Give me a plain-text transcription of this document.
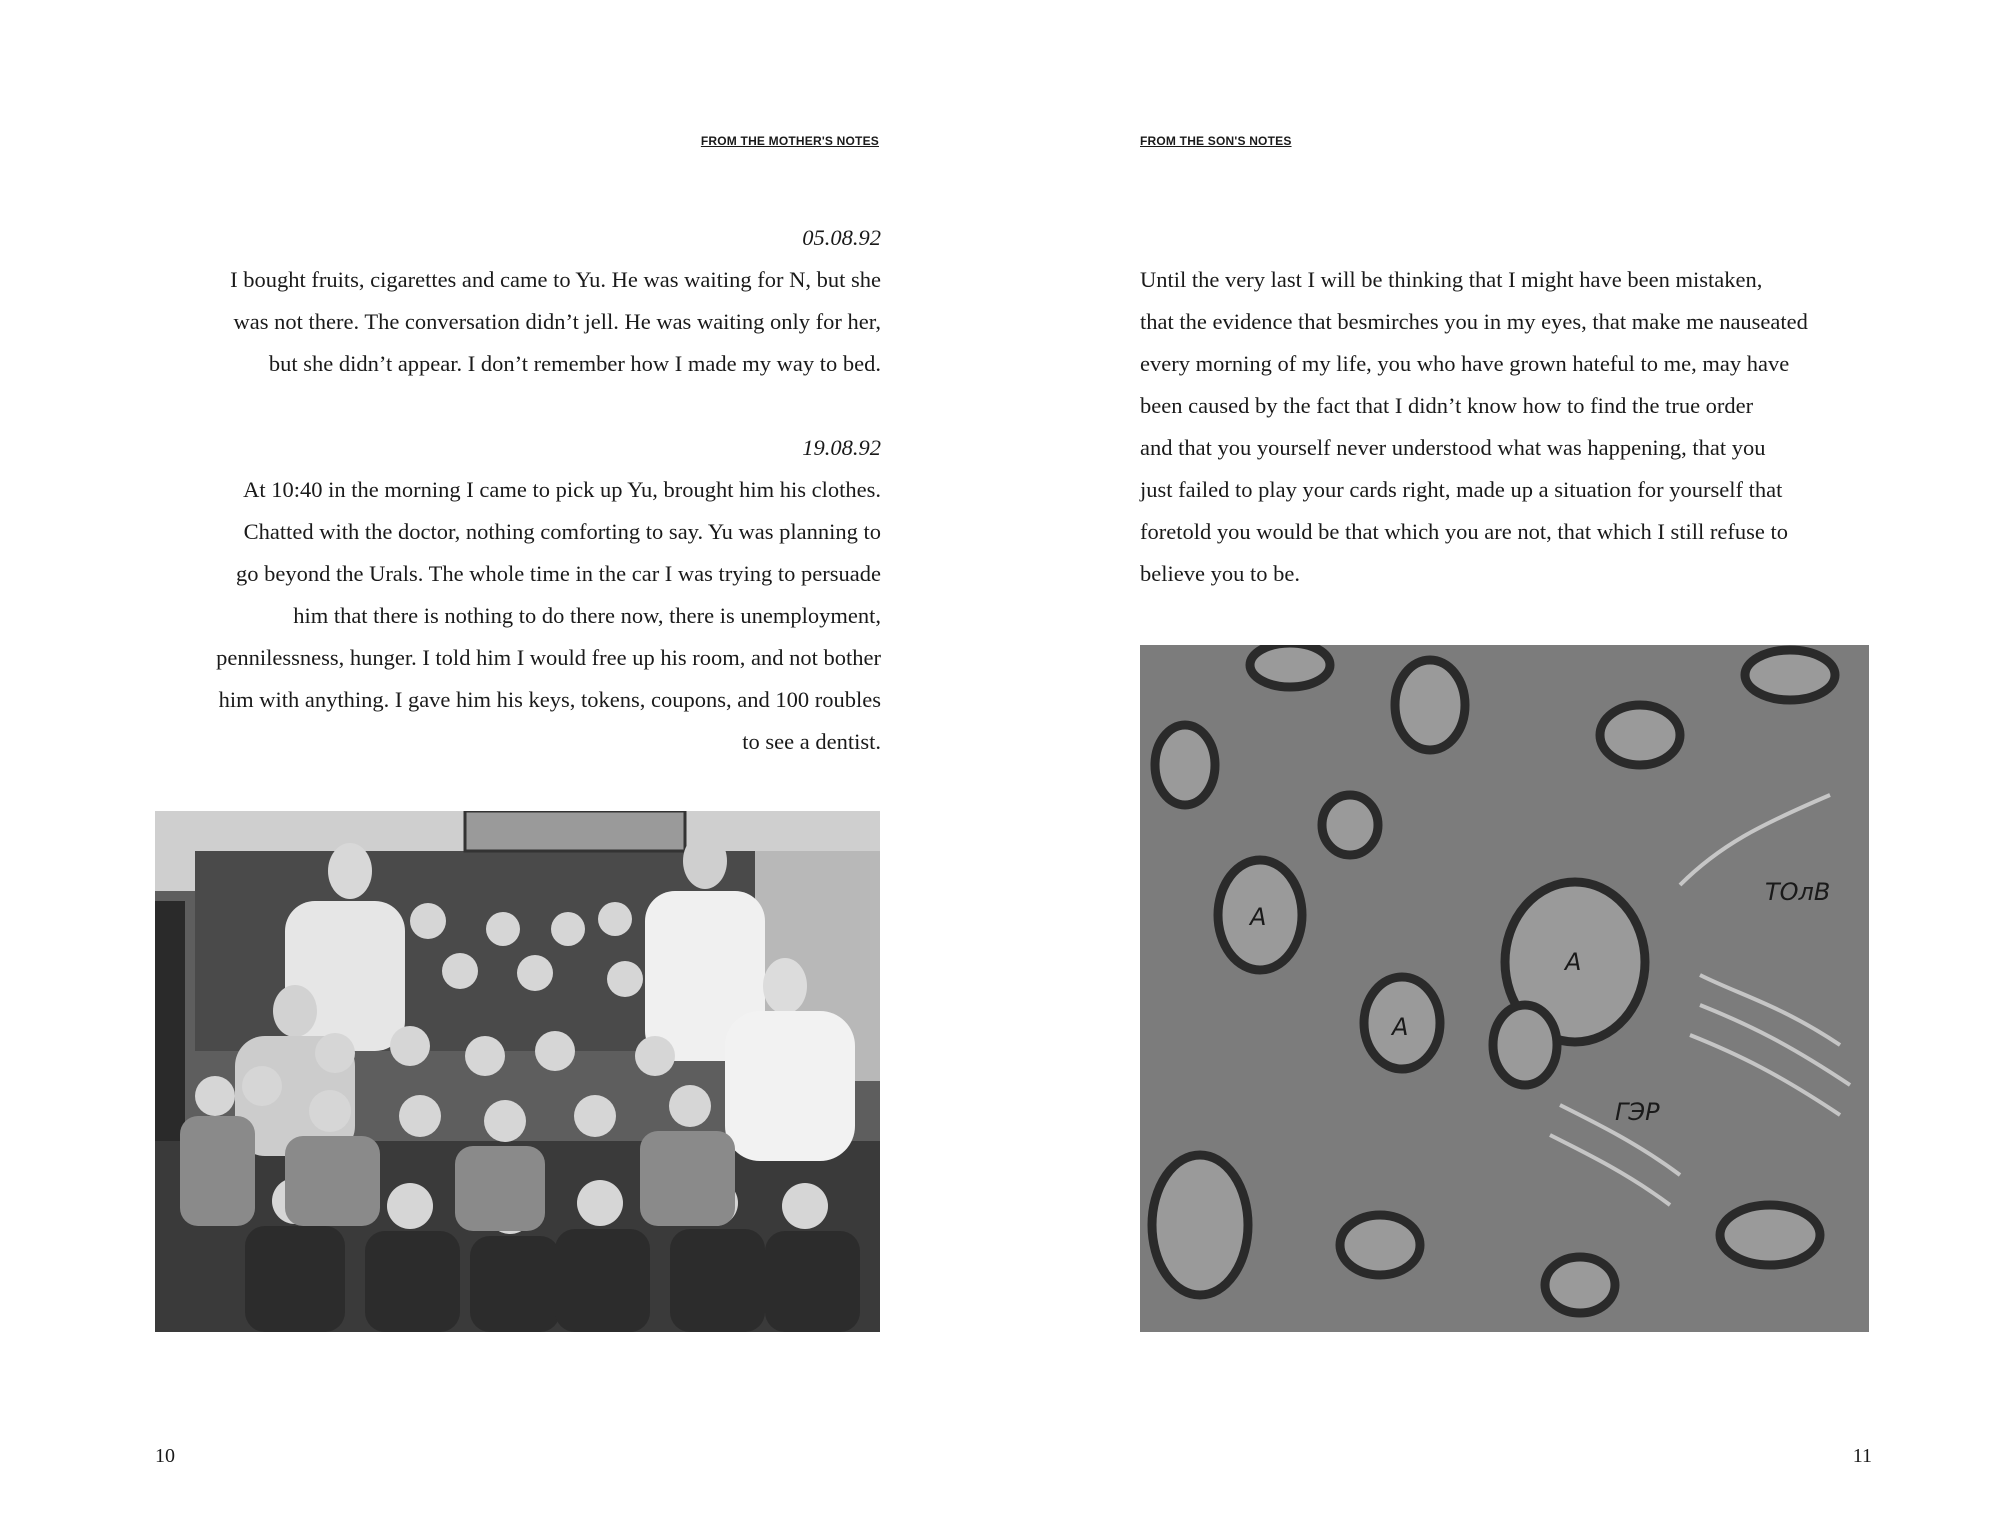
FROM THE MOTHER'S NOTES

05.08.92

I bought fruits, cigarettes and came to Yu. He was waiting for N, but she

was not there. The conversation didn’t jell. He was waiting only for her,

but she didn’t appear. I don’t remember how I made my way to bed.

19.08.92

At 10:40 in the morning I came to pick up Yu, brought him his clothes.

Chatted with the doctor, nothing comforting to say. Yu was planning to

go beyond the Urals. The whole time in the car I was trying to persuade

him that there is nothing to do there now, there is unemployment,

pennilessness, hunger. I told him I would free up his room, and not bother

him with anything. I gave him his keys, tokens, coupons, and 100 roubles

to see a dentist.

10
FROM THE SON'S NOTES

Until the very last I will be thinking that I might have been mistaken,

that the evidence that besmirches you in my eyes, that make me nauseated

every morning of my life, you who have grown hateful to me, may have

been caused by the fact that I didn’t know how to find the true order

and that you yourself never understood what was happening, that you

just failed to play your cards right, made up a situation for yourself that

foretold you would be that which you are not, that which I still refuse to

believe you to be.

А
А
А
ГЭР
ТОлВ
11
